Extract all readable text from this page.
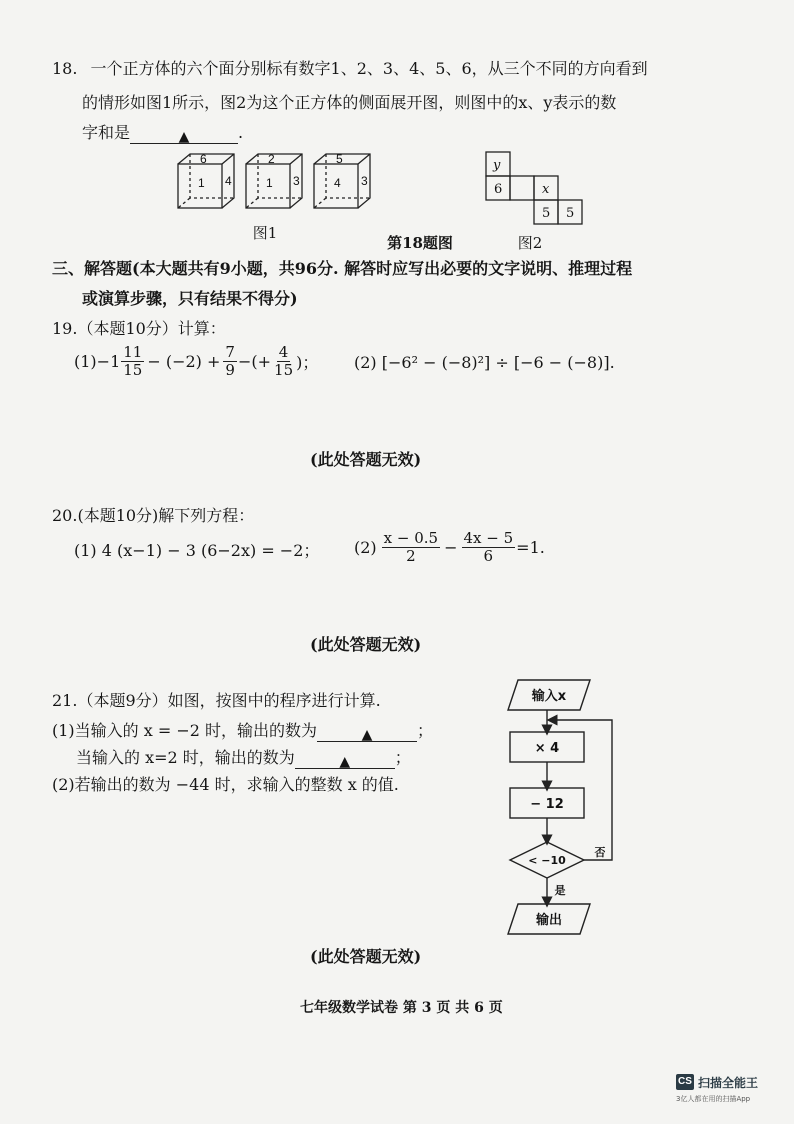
18. 一个正方体的六个面分别标有数字1、2、3、4、5、6，从三个不同的方向看到
的情形如图1所示，图2为这个正方体的侧面展开图，则图中的x、y表示的数
字和是	▲	.
6
1 4
2
1 3
5
4 3
y
6	x
5 5
图1
第18题图	图2
三、解答题(本大题共有9小题，共96分. 解答时应写出必要的文字说明、推理过程
或演算步骤，只有结果不得分)
19.（本题10分）计算：
$(1) -1 \frac{11}{15} - (-2) + \frac{7}{9}$ −(+ $\frac{4}{15}$ )； (2) [−6² − (−8)²] ÷ [−6 − (−8)].
(此处答题无效)
20.(本题10分)解下列方程：
(1) 4 (x−1) − 3 (6−2x) = −2； $(2) \frac{x - 0.5}{2} - \frac{4x - 5}{6} =1$.
(此处答题无效)
21.（本题9分）如图，按图中的程序进行计算.
(1)当输入的 x = −2 时，输出的数为	▲	；
当输入的 x=2 时，输出的数为	▲	；
(2)若输出的数为 −44 时，求输入的整数 x 的值.
输入x
× 4
− 12
< −10
否
是
输出
(此处答题无效)
七年级数学试卷 第 3 页 共 6 页
CS 扫描全能王
3亿人都在用的扫描App
